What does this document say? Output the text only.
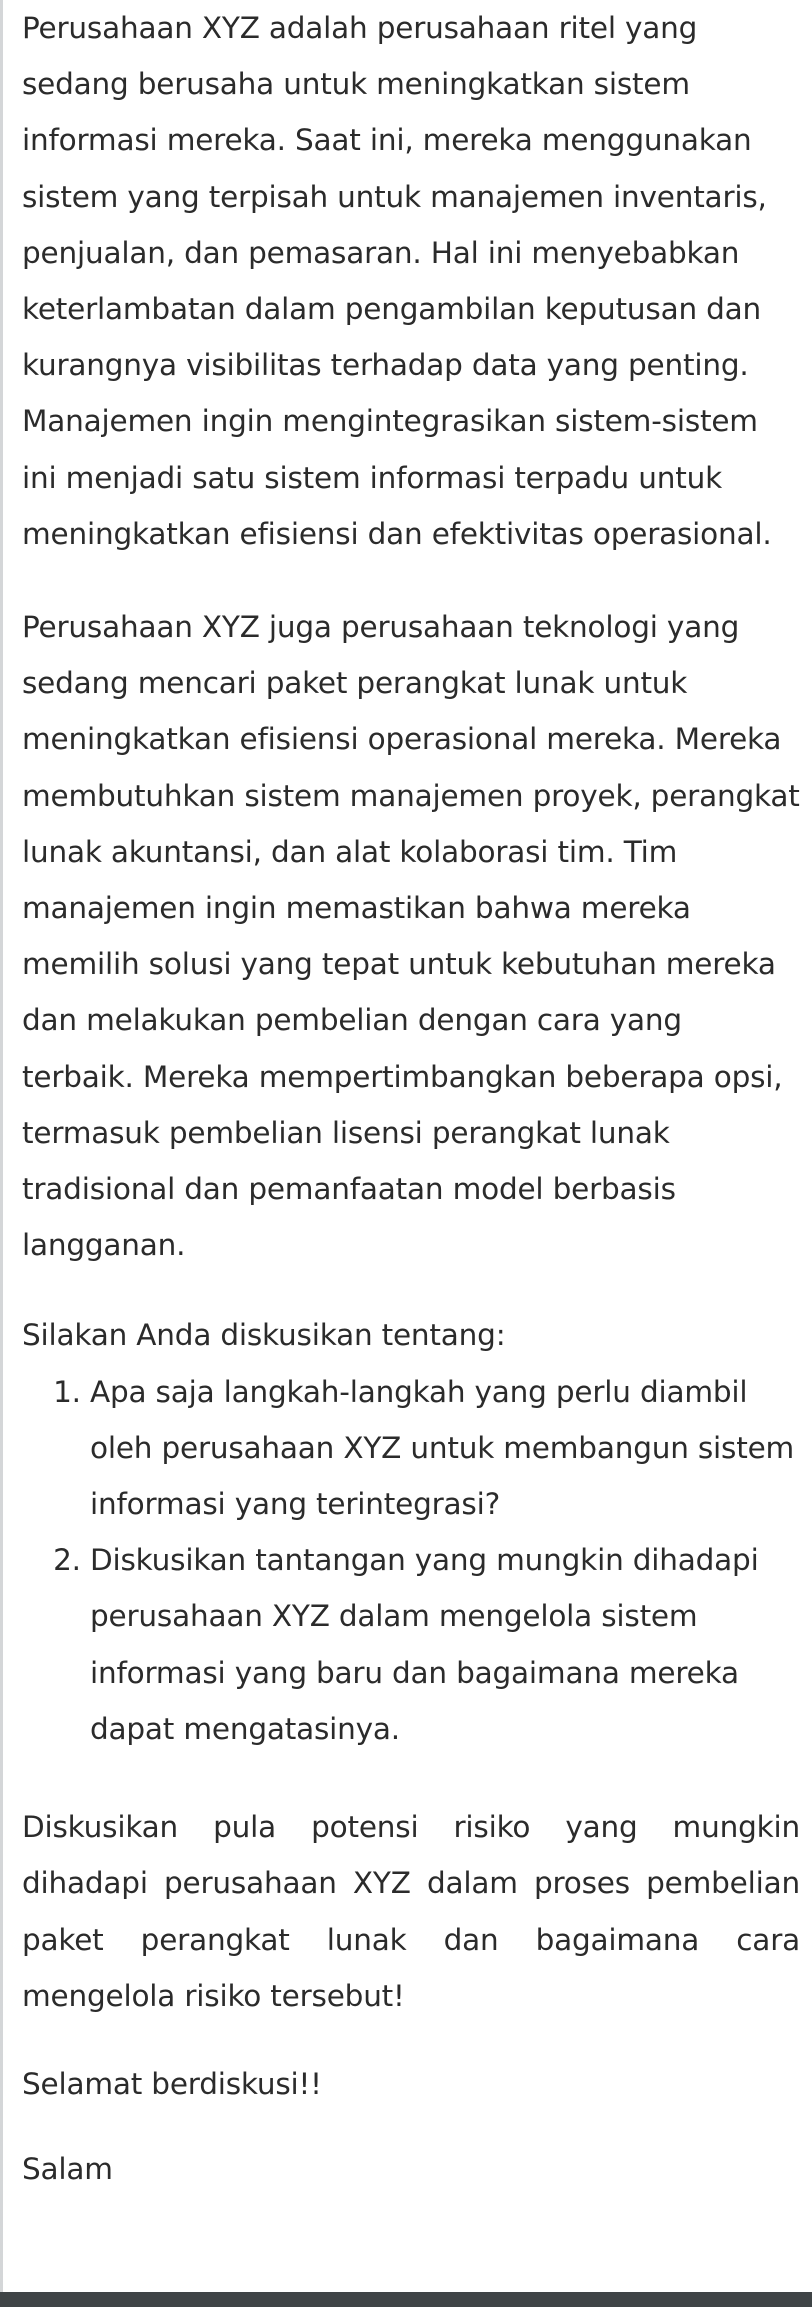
Perusahaan XYZ adalah perusahaan ritel yang sedang berusaha untuk meningkatkan sistem informasi mereka. Saat ini, mereka menggunakan sistem yang terpisah untuk manajemen inventaris, penjualan, dan pemasaran. Hal ini menyebabkan keterlambatan dalam pengambilan keputusan dan kurangnya visibilitas terhadap data yang penting. Manajemen ingin mengintegrasikan sistem-sistem ini menjadi satu sistem informasi terpadu untuk meningkatkan efisiensi dan efektivitas operasional.

Perusahaan XYZ juga perusahaan teknologi yang sedang mencari paket perangkat lunak untuk meningkatkan efisiensi operasional mereka. Mereka membutuhkan sistem manajemen proyek, perangkat lunak akuntansi, dan alat kolaborasi tim. Tim manajemen ingin memastikan bahwa mereka memilih solusi yang tepat untuk kebutuhan mereka dan melakukan pembelian dengan cara yang terbaik. Mereka mempertimbangkan beberapa opsi, termasuk pembelian lisensi perangkat lunak tradisional dan pemanfaatan model berbasis langganan.

Silakan Anda diskusikan tentang:

1. Apa saja langkah-langkah yang perlu diambil oleh perusahaan XYZ untuk membangun sistem informasi yang terintegrasi?
2. Diskusikan tantangan yang mungkin dihadapi perusahaan XYZ dalam mengelola sistem informasi yang baru dan bagaimana mereka dapat mengatasinya.

Diskusikan pula potensi risiko yang mungkin dihadapi perusahaan XYZ dalam proses pembelian paket perangkat lunak dan bagaimana cara mengelola risiko tersebut!

Selamat berdiskusi!!

Salam
